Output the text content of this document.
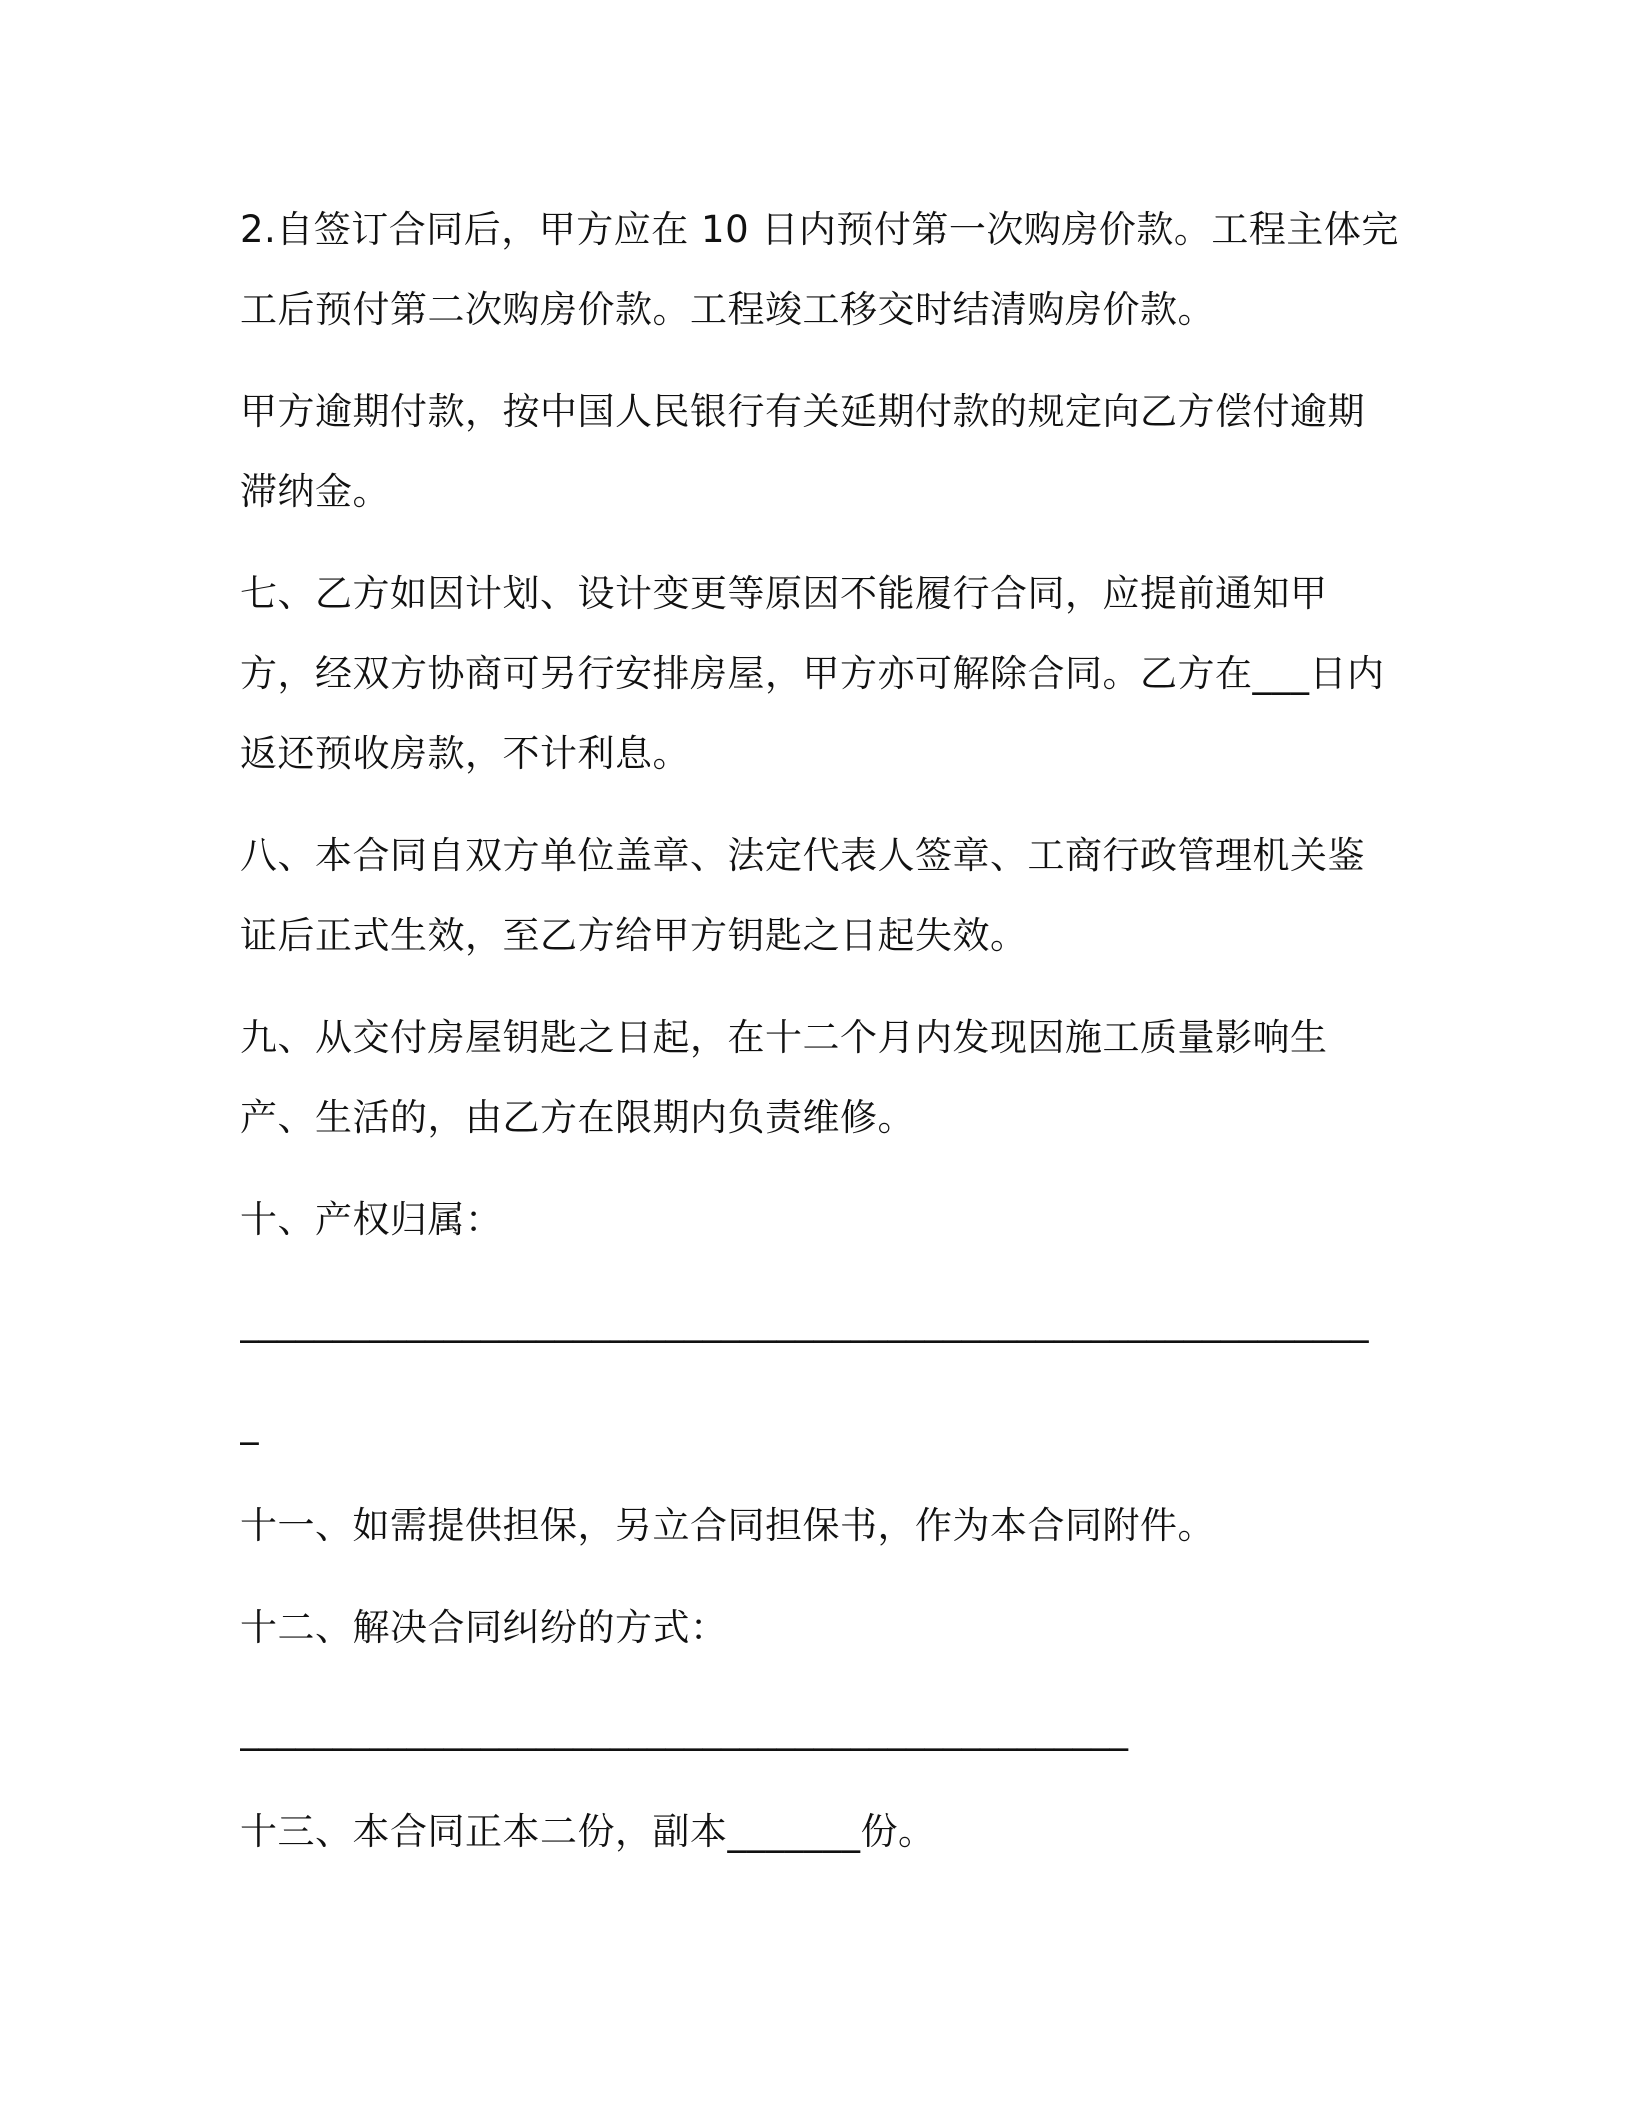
2.自签订合同后，甲方应在 10 日内预付第一次购房价款。工程主体完工后预付第二次购房价款。工程竣工移交时结清购房价款。

甲方逾期付款，按中国人民银行有关延期付款的规定向乙方偿付逾期滞纳金。

七、乙方如因计划、设计变更等原因不能履行合同，应提前通知甲方，经双方协商可另行安排房屋，甲方亦可解除合同。乙方在___日内返还预收房款，不计利息。

八、本合同自双方单位盖章、法定代表人签章、工商行政管理机关鉴证后正式生效，至乙方给甲方钥匙之日起失效。

九、从交付房屋钥匙之日起，在十二个月内发现因施工质量影响生产、生活的，由乙方在限期内负责维修。

十、产权归属：

_____________________________________________________________

_

十一、如需提供担保，另立合同担保书，作为本合同附件。

十二、解决合同纠纷的方式：

________________________________________________

十三、本合同正本二份，副本_______份。
